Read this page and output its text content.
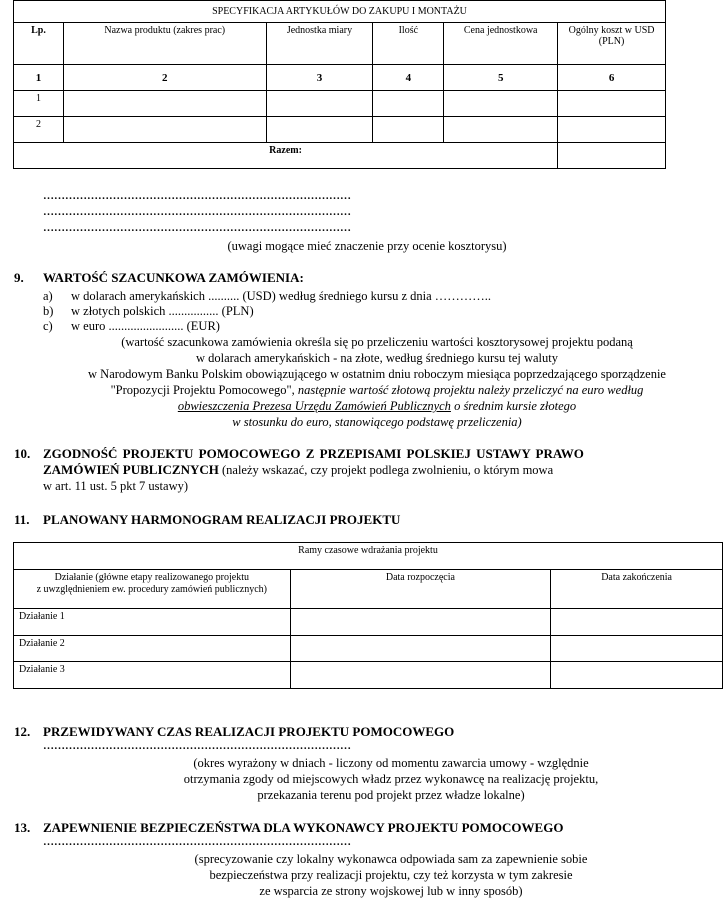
SPECYFIKACJA ARTYKUŁÓW DO ZAKUPU I MONTAŻU					
Lp.	Nazwa produktu (zakres prac)	Jednostka miary	Ilość	Cena jednostkowa	Ogólny koszt w USD (PLN)
1	2	3	4	5	6
1					
2					
Razem:					
…………………………………………………………………………
…………………………………………………………………………
…………………………………………………………………………
(uwagi mogące mieć znaczenie przy ocenie kosztorysu)
9. WARTOŚĆ SZACUNKOWA ZAMÓWIENIA:
a) w dolarach amerykańskich .......... (USD) według średniego kursu z dnia …………..
b) w złotych polskich ................ (PLN)
c) w euro ........................ (EUR)
(wartość szacunkowa zamówienia określa się po przeliczeniu wartości kosztorysowej projektu podaną
w dolarach amerykańskich - na złote, według średniego kursu tej waluty
w Narodowym Banku Polskim obowiązującego w ostatnim dniu roboczym miesiąca poprzedzającego sporządzenie
"Propozycji Projektu Pomocowego", następnie wartość złotową projektu należy przeliczyć na euro według
obwieszczenia Prezesa Urzędu Zamówień Publicznych o średnim kursie złotego
w stosunku do euro, stanowiącego podstawę przeliczenia)
10. ZGODNOŚĆ PROJEKTU POMOCOWEGO Z PRZEPISAMI POLSKIEJ USTAWY PRAWO
ZAMÓWIEŃ PUBLICZNYCH (należy wskazać, czy projekt podlega zwolnieniu, o którym mowa
w art. 11 ust. 5 pkt 7 ustawy)
11. PLANOWANY HARMONOGRAM REALIZACJI PROJEKTU
Ramy czasowe wdrażania projektu		
Działanie (główne etapy realizowanego projektu
z uwzględnieniem ew. procedury zamówień publicznych)	Data rozpoczęcia	Data zakończenia
Działanie 1		
Działanie 2		
Działanie 3		
12. PRZEWIDYWANY CZAS REALIZACJI PROJEKTU POMOCOWEGO
…………………………………………………………………………
(okres wyrażony w dniach - liczony od momentu zawarcia umowy - względnie
otrzymania zgody od miejscowych władz przez wykonawcę na realizację projektu,
przekazania terenu pod projekt przez władze lokalne)
13. ZAPEWNIENIE BEZPIECZEŃSTWA DLA WYKONAWCY PROJEKTU POMOCOWEGO
…………………………………………………………………………
(sprecyzowanie czy lokalny wykonawca odpowiada sam za zapewnienie sobie
bezpieczeństwa przy realizacji projektu, czy też korzysta w tym zakresie
ze wsparcia ze strony wojskowej lub w inny sposób)
